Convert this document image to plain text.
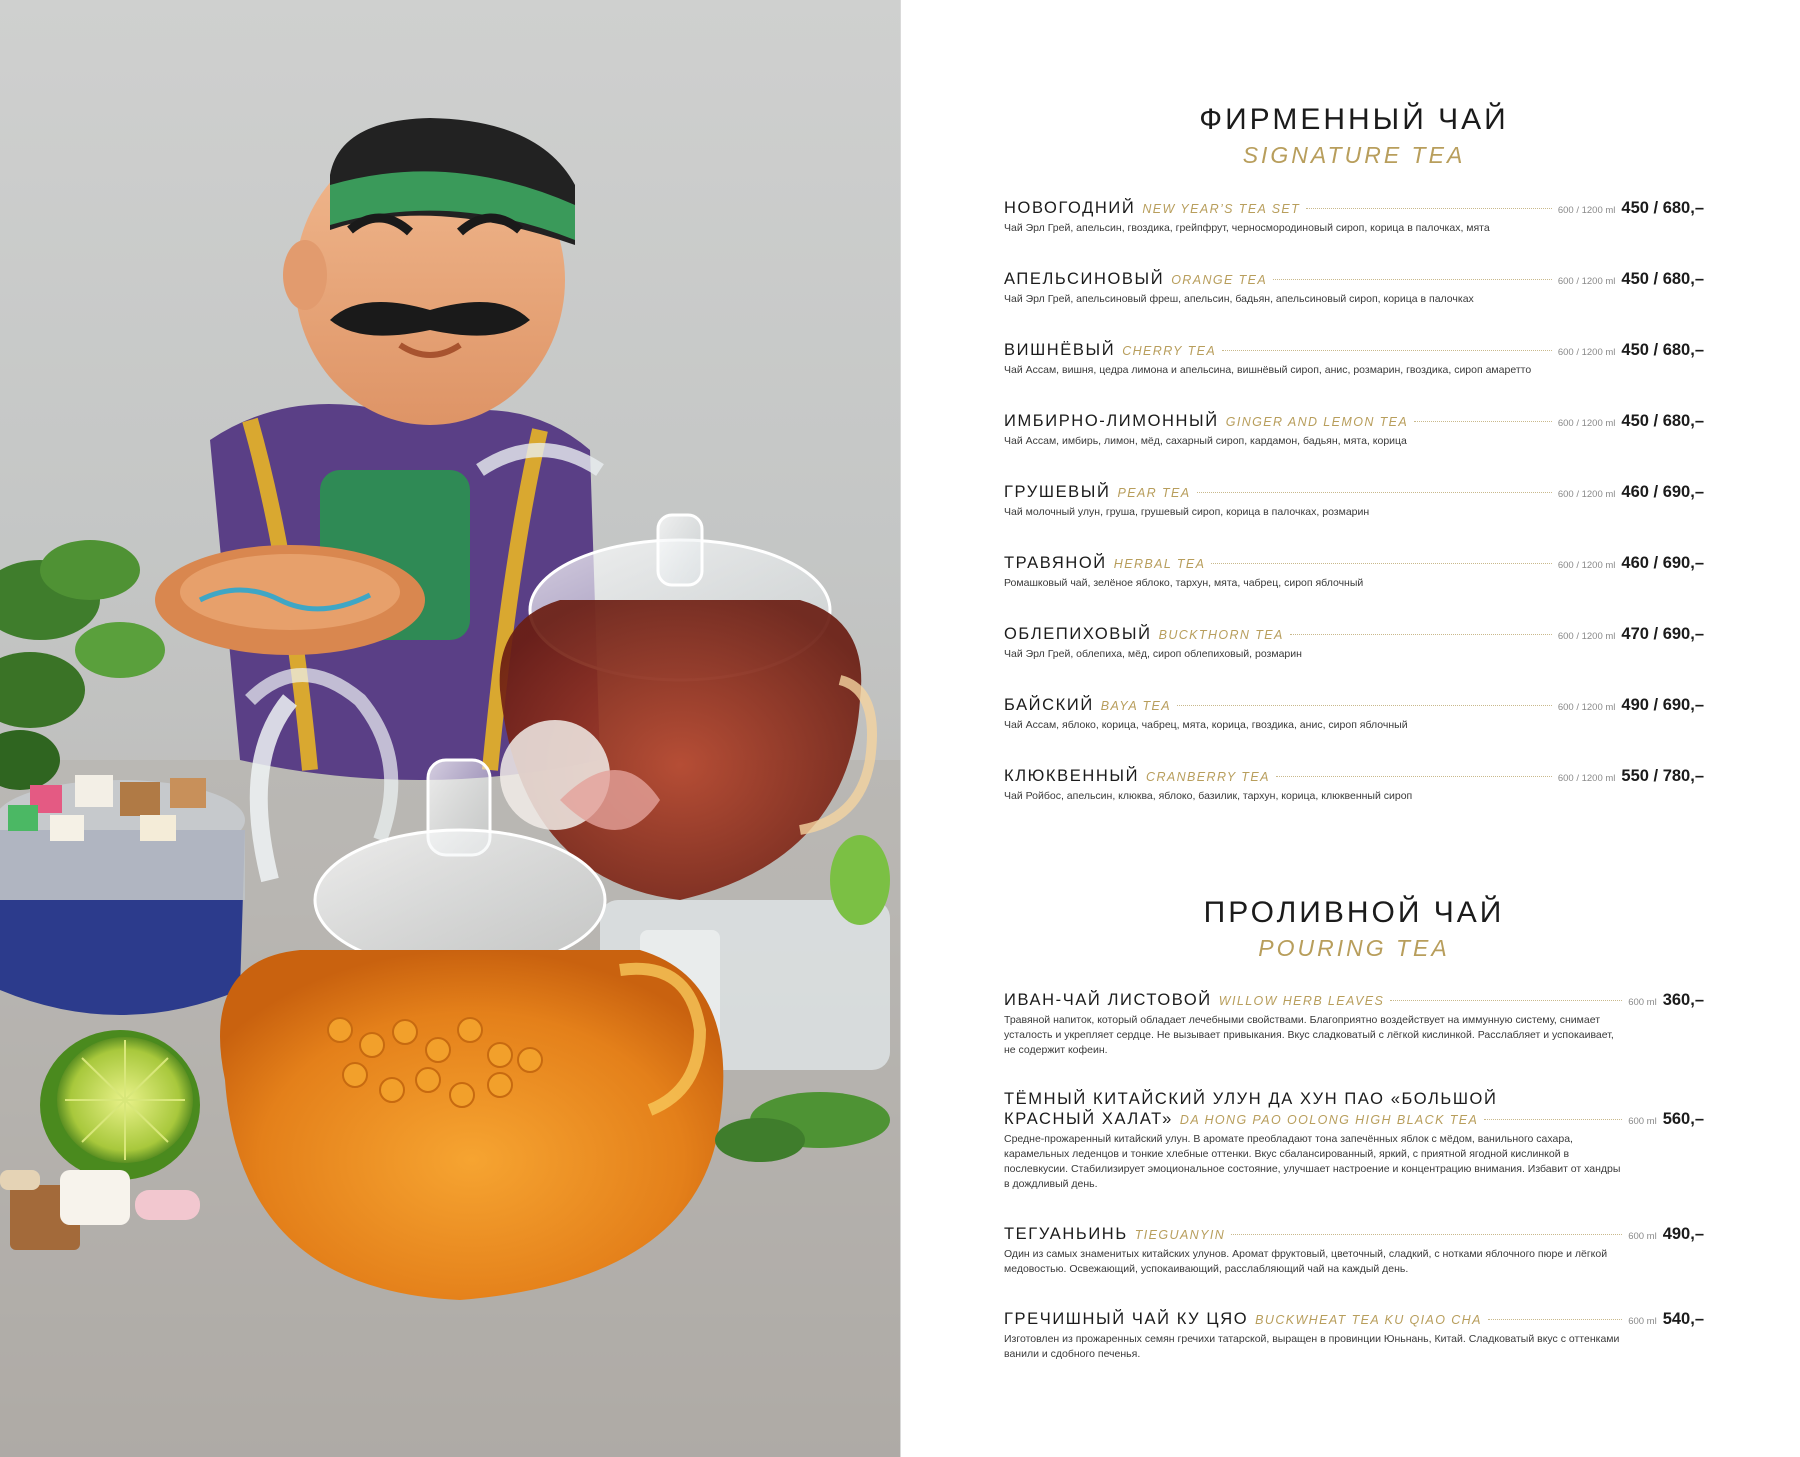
ФИРМЕННЫЙ ЧАЙ
SIGNATURE TEA
НОВОГОДНИЙ NEW YEAR’S TEA SET	600 / 1200 ml 450 / 680,–
Чай Эрл Грей, апельсин, гвоздика, грейпфрут, черносмородиновый сироп, корица в палочках, мята
АПЕЛЬСИНОВЫЙ ORANGE TEA	600 / 1200 ml 450 / 680,–
Чай Эрл Грей, апельсиновый фреш, апельсин, бадьян, апельсиновый сироп, корица в палочках
ВИШНЁВЫЙ CHERRY TEA	600 / 1200 ml 450 / 680,–
Чай Ассам, вишня, цедра лимона и апельсина, вишнёвый сироп, анис, розмарин, гвоздика, сироп амаретто
ИМБИРНО-ЛИМОННЫЙ GINGER AND LEMON TEA	600 / 1200 ml 450 / 680,–
Чай Ассам, имбирь, лимон, мёд, сахарный сироп, кардамон, бадьян, мята, корица
ГРУШЕВЫЙ PEAR TEA	600 / 1200 ml 460 / 690,–
Чай молочный улун, груша, грушевый сироп, корица в палочках, розмарин
ТРАВЯНОЙ HERBAL TEA	600 / 1200 ml 460 / 690,–
Ромашковый чай, зелёное яблоко, тархун, мята, чабрец, сироп яблочный
ОБЛЕПИХОВЫЙ BUCKTHORN TEA	600 / 1200 ml 470 / 690,–
Чай Эрл Грей, облепиха, мёд, сироп облепиховый, розмарин
БАЙСКИЙ BAYA TEA	600 / 1200 ml 490 / 690,–
Чай Ассам, яблоко, корица, чабрец, мята, корица, гвоздика, анис, сироп яблочный
КЛЮКВЕННЫЙ CRANBERRY TEA	600 / 1200 ml 550 / 780,–
Чай Ройбос, апельсин, клюква, яблоко, базилик, тархун, корица, клюквенный сироп
ПРОЛИВНОЙ ЧАЙ
POURING TEA
ИВАН-ЧАЙ ЛИСТОВОЙ WILLOW HERB LEAVES	600 ml 360,–
Травяной напиток, который обладает лечебными свойствами. Благоприятно воздействует на иммунную систему, снимает усталость и укрепляет сердце. Не вызывает привыкания. Вкус сладковатый с лёгкой кислинкой. Расслабляет и успокаивает, не содержит кофеин.
ТЁМНЫЙ КИТАЙСКИЙ УЛУН ДА ХУН ПАО «БОЛЬШОЙ
КРАСНЫЙ ХАЛАТ» DA HONG PAO OOLONG HIGH BLACK TEA	600 ml 560,–
Средне-прожаренный китайский улун. В аромате преобладают тона запечённых яблок с мёдом, ванильного сахара, карамельных леденцов и тонкие хлебные оттенки. Вкус сбалансированный, яркий, с приятной ягодной кислинкой в послевкусии. Стабилизирует эмоциональное состояние, улучшает настроение и концентрацию внимания. Избавит от хандры в дождливый день.
ТЕГУАНЬИНЬ TIEGUANYIN	600 ml 490,–
Один из самых знаменитых китайских улунов. Аромат фруктовый, цветочный, сладкий, с нотками яблочного пюре и лёгкой медовостью. Освежающий, успокаивающий, расслабляющий чай на каждый день.
ГРЕЧИШНЫЙ ЧАЙ КУ ЦЯО BUCKWHEAT TEA KU QIAO CHA	600 ml 540,–
Изготовлен из прожаренных семян гречихи татарской, выращен в провинции Юньнань, Китай. Сладковатый вкус с оттенками ванили и сдобного печенья.
